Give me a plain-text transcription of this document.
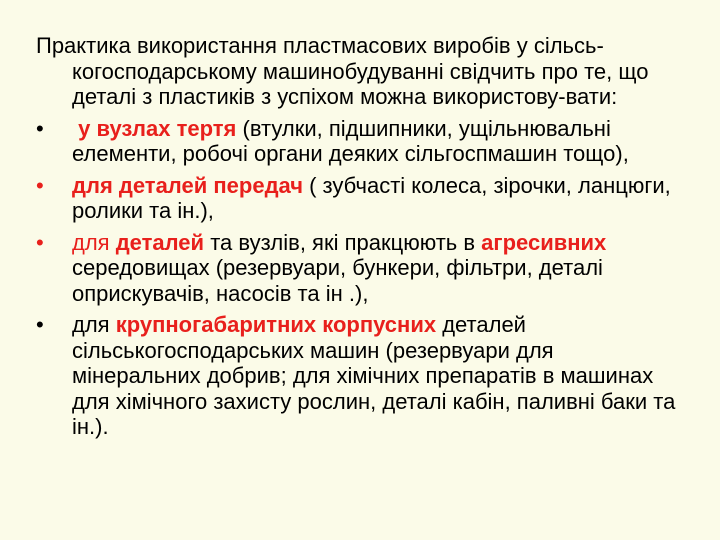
Практика використання пластмасових виробів у сільсь-когосподарському машинобудуванні свідчить про те, що деталі з пластиків з успіхом можна використову-вати:

•	у вузлах тертя (втулки, підшипники, ущільнювальні елементи, робочі органи деяких сільгоспмашин тощо),
•	для деталей передач ( зубчасті колеса, зірочки, ланцюги, ролики та ін.),
•	для деталей та вузлів, які пракцюють в агресивних середовищах (резервуари, бункери, фільтри, деталі оприскувачів, насосів та ін .),
•	для крупногабаритних корпусних деталей сільськогосподарських машин (резервуари для мінеральних добрив; для хімічних препаратів в машинах для хімічного захисту рослин, деталі кабін, паливні баки та ін.).
